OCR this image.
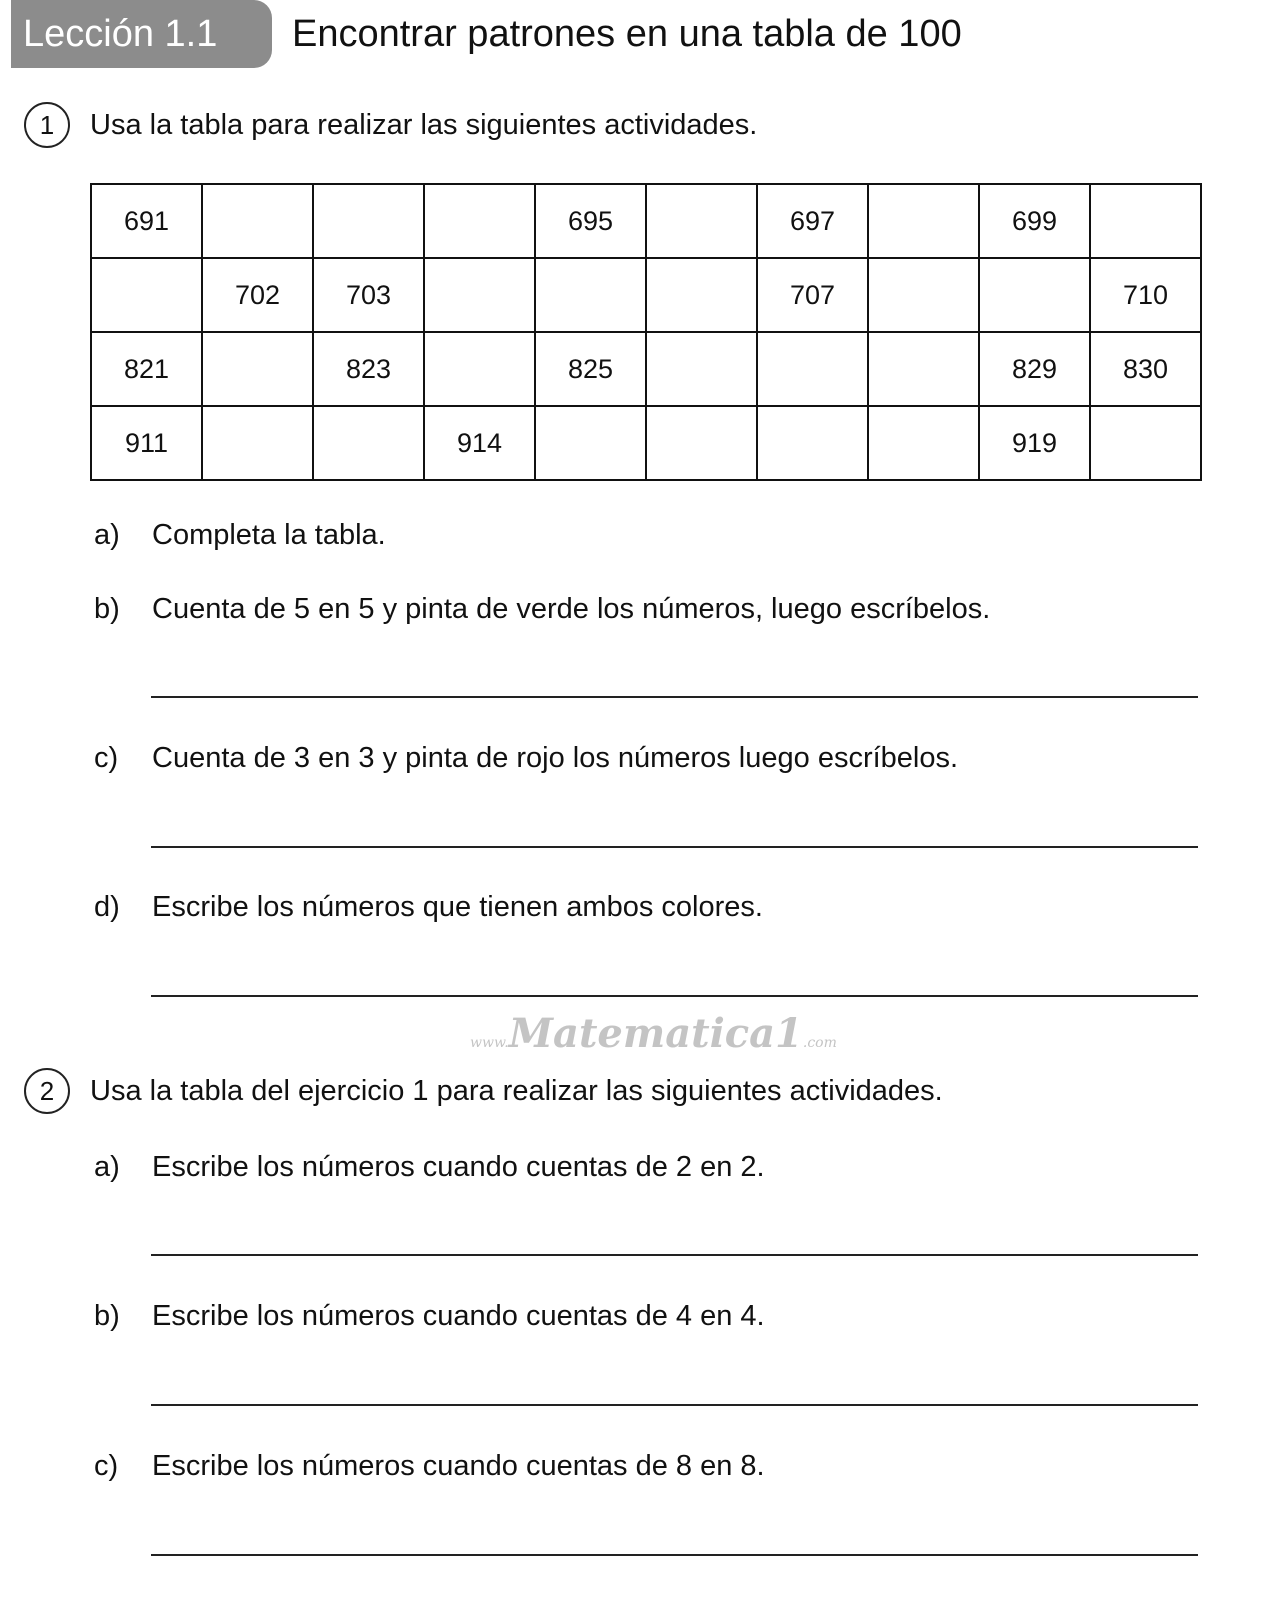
Lección 1.1	Encontrar patrones en una tabla de 100
1	Usa la tabla para realizar las siguientes actividades.
691				695		697		699	
	702	703				707			710
821		823		825				829	830
911			914					919	
a)	Completa la tabla.
b)	Cuenta de 5 en 5 y pinta de verde los números, luego escríbelos.
c)	Cuenta de 3 en 3 y pinta de rojo los números luego escríbelos.
d)	Escribe los números que tienen ambos colores.
www.Matematica1.com
2	Usa la tabla del ejercicio 1 para realizar las siguientes actividades.
a)	Escribe los números cuando cuentas de 2 en 2.
b)	Escribe los números cuando cuentas de 4 en 4.
c)	Escribe los números cuando cuentas de 8 en 8.
